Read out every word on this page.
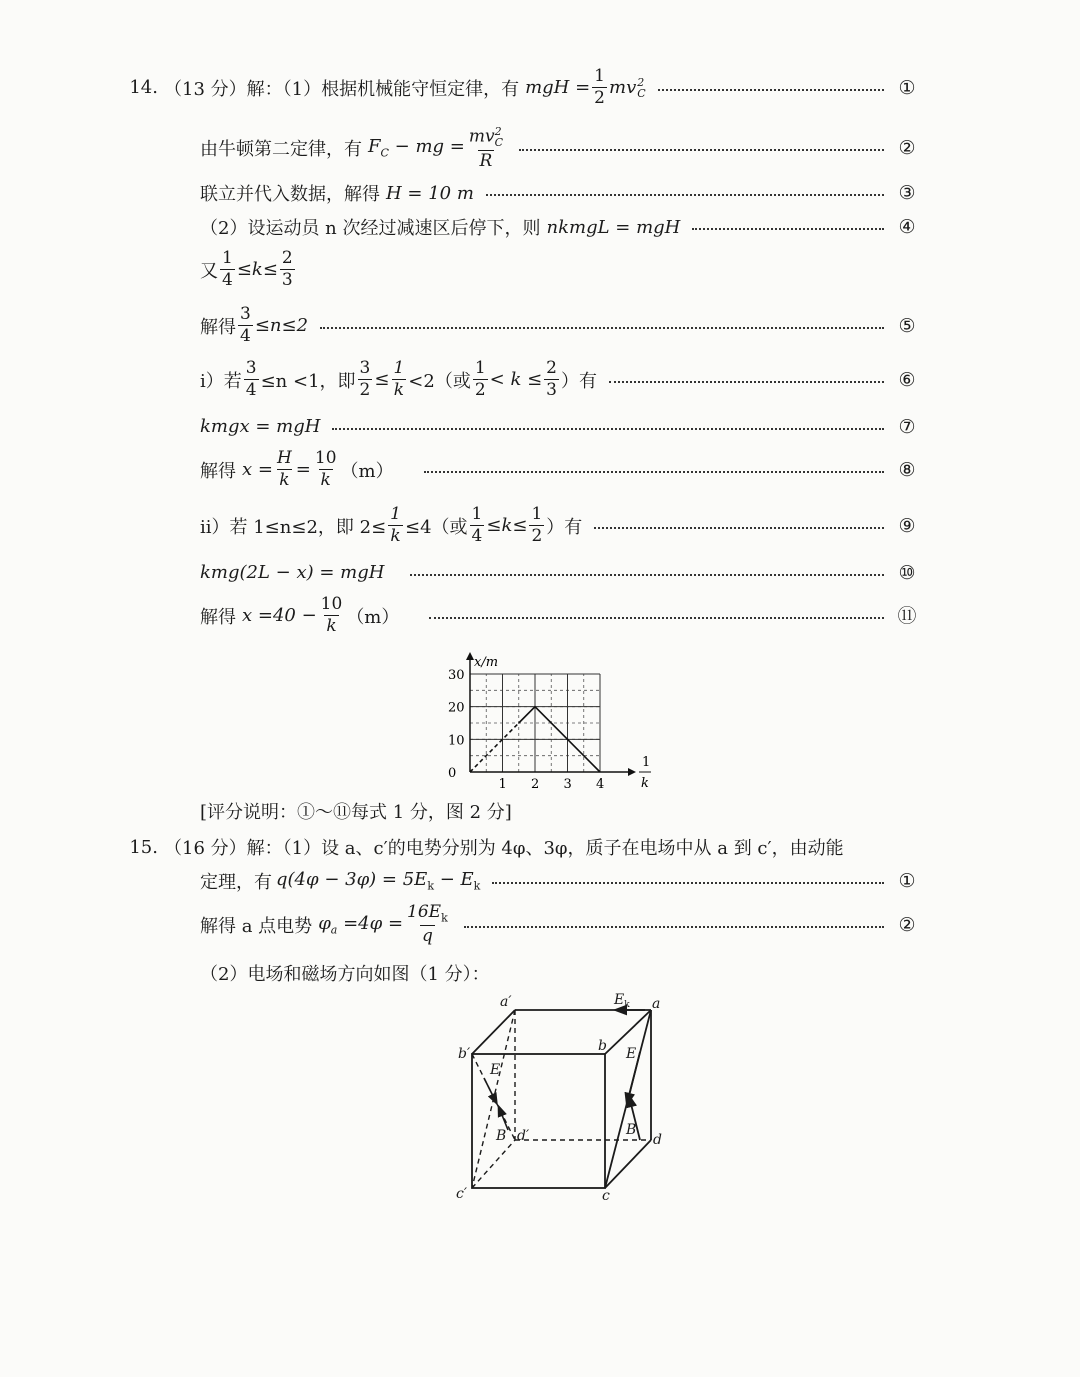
14. （13 分）解：（1）根据机械能守恒定律，有 mgH = $\frac{1}{2}$ mv 2
C	①
由牛顿第二定律，有 $F_C$ − mg = mv 2
C
R	②
联立并代入数据，解得 H = 10 m	③
（2）设运动员 n 次经过减速区后停下，则 nkmgL = mgH	④
又 $\frac{1}{4} \le k\le \frac{2}{3}$
解得 $\frac{3}{4} \le n\le 2$	⑤
i）若 $\frac{3}{4} \le n <1$，即 $\frac{3}{2} \le \frac{1}{k} <2$（或 $\frac{1}{2} < k \le \frac{2}{3}$ ）有	⑥
kmgx = mgH	⑦
解得 $x = \frac{H}{k} = \frac{10}{k} (m)$	⑧
ii）若 1≤n≤2，即 $2\le \frac{1}{k} \le 4$（或 $\frac{1}{4} \le k\le \frac{1}{2}$ ）有	⑨
kmg(2L − x) = mgH	⑩
解得 $x =40 - \frac{10}{k} (m)$	⑪
1 2 3 4
0
10
20
30
x/m
1
k
[评分说明：①～⑪每式 1 分，图 2 分]
15. （16 分）解：（1）设 a、c′的电势分别为 4φ、3φ，质子在电场中从 a 到 c′，由动能
定理，有 $q(4\varphi - 3\varphi) = 5E_k - E_k$	①
解得 a 点电势 $\varphi_a =4\varphi = \frac{16E_k}{q}$	②
（2）电场和磁场方向如图（1 分）：
a′	a
b′	b
c′	c
d′	d
$E_k$
E
B
E
B
